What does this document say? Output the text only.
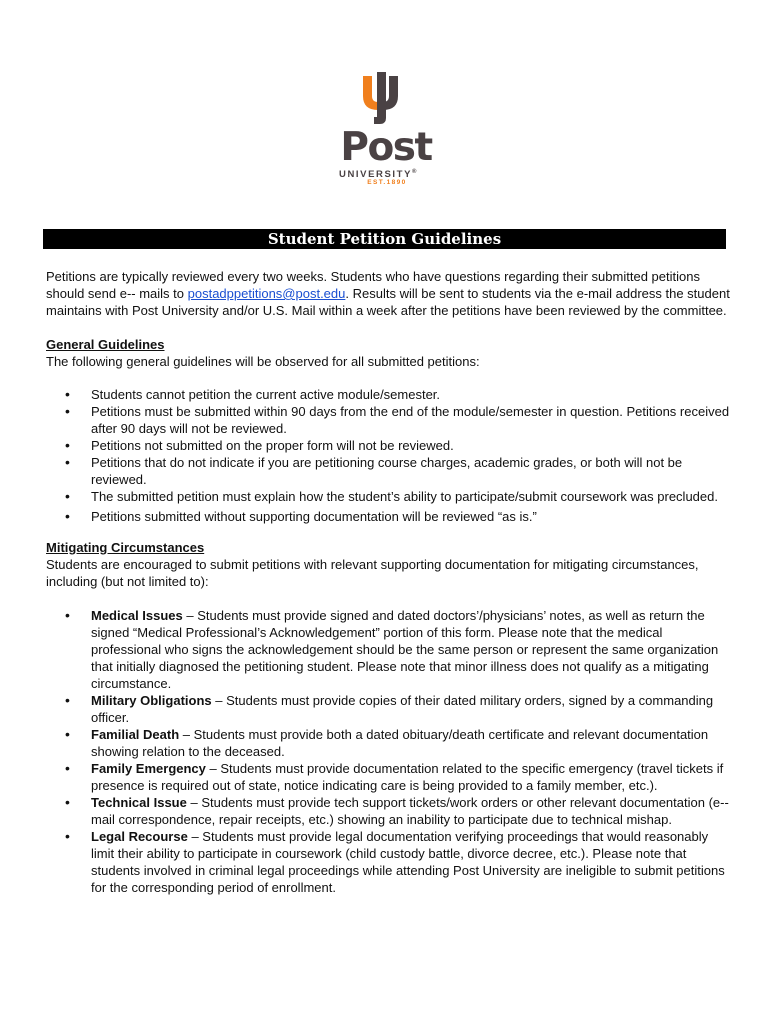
Post
UNIVERSITY®
EST.1890
Student Petition Guidelines

Petitions are typically reviewed every two weeks. Students who have questions regarding their submitted petitions should send e-- mails to postadppetitions@post.edu. Results will be sent to students via the e-mail address the student maintains with Post University and/or U.S. Mail within a week after the petitions have been reviewed by the committee.

General Guidelines

The following general guidelines will be observed for all submitted petitions:

• Students cannot petition the current active module/semester.
• Petitions must be submitted within 90 days from the end of the module/semester in question. Petitions received after 90 days will not be reviewed.
• Petitions not submitted on the proper form will not be reviewed.
• Petitions that do not indicate if you are petitioning course charges, academic grades, or both will not be reviewed.
• The submitted petition must explain how the student’s ability to participate/submit coursework was precluded.
• Petitions submitted without supporting documentation will be reviewed “as is.”
Mitigating Circumstances

Students are encouraged to submit petitions with relevant supporting documentation for mitigating circumstances, including (but not limited to):

• Medical Issues – Students must provide signed and dated doctors’/physicians’ notes, as well as return the signed “Medical Professional’s Acknowledgement” portion of this form. Please note that the medical professional who signs the acknowledgement should be the same person or represent the same organization that initially diagnosed the petitioning student. Please note that minor illness does not qualify as a mitigating circumstance.
• Military Obligations – Students must provide copies of their dated military orders, signed by a commanding officer.
• Familial Death – Students must provide both a dated obituary/death certificate and relevant documentation showing relation to the deceased.
• Family Emergency – Students must provide documentation related to the specific emergency (travel tickets if presence is required out of state, notice indicating care is being provided to a family member, etc.).
• Technical Issue – Students must provide tech support tickets/work orders or other relevant documentation (e-- mail correspondence, repair receipts, etc.) showing an inability to participate due to technical mishap.
• Legal Recourse – Students must provide legal documentation verifying proceedings that would reasonably limit their ability to participate in coursework (child custody battle, divorce decree, etc.). Please note that students involved in criminal legal proceedings while attending Post University are ineligible to submit petitions for the corresponding period of enrollment.
